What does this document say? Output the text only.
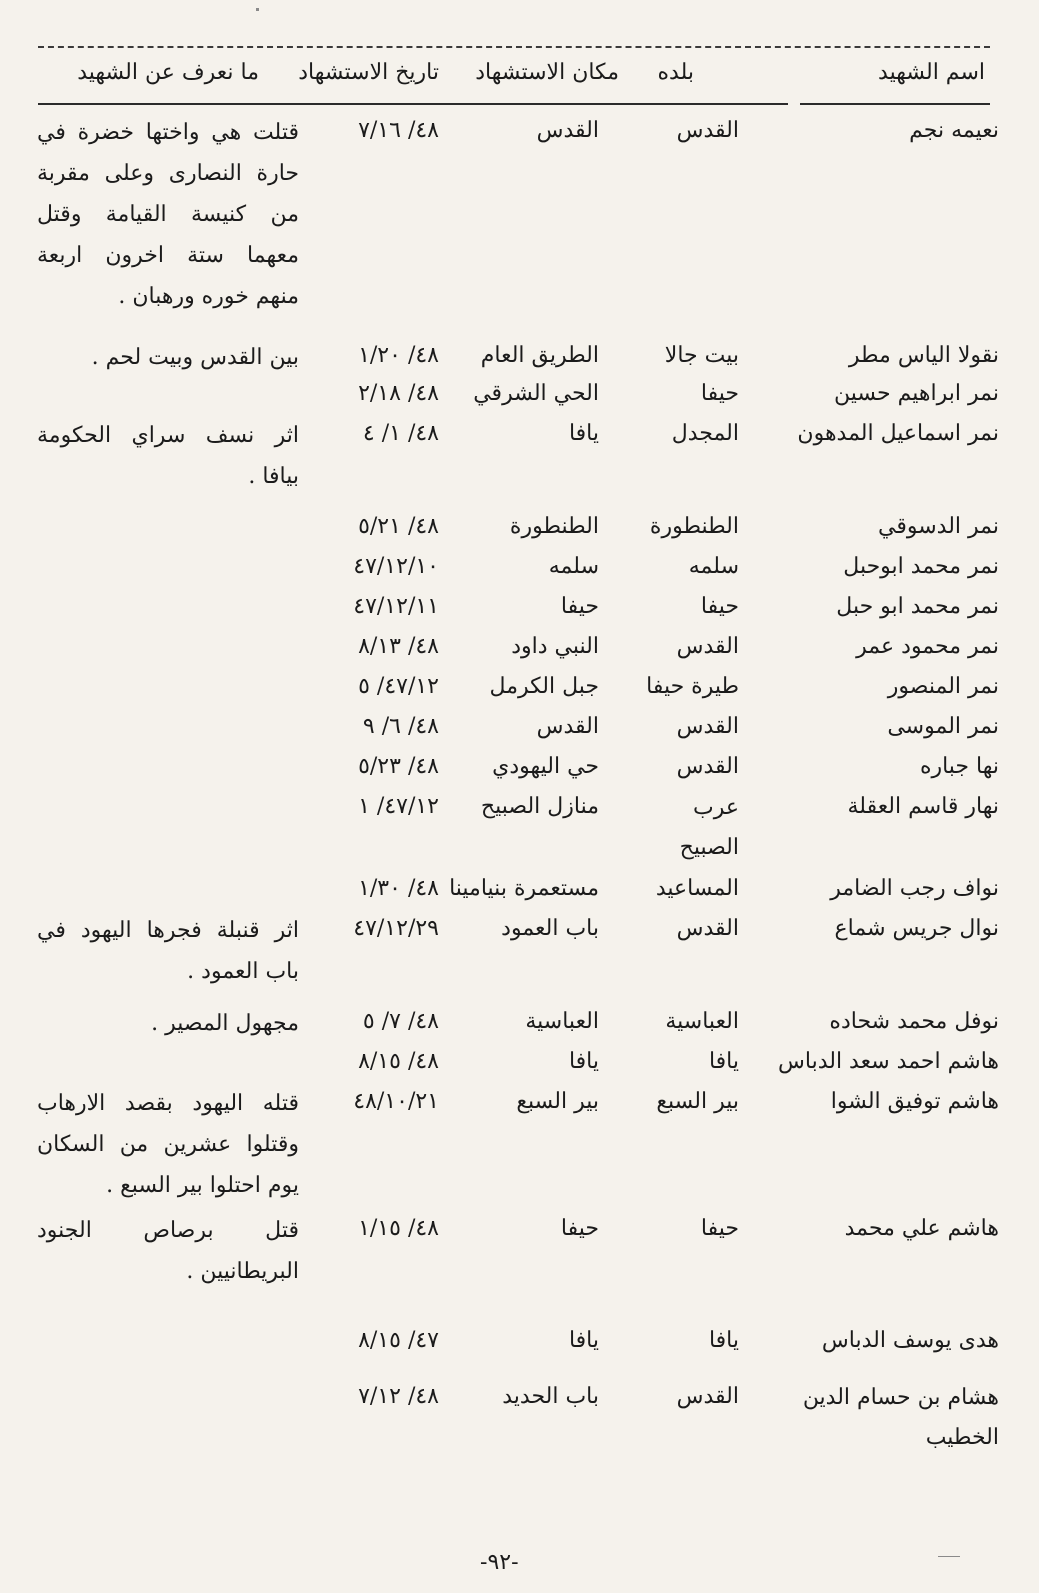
اسم الشهيد
بلده
مكان الاستشهاد
تاريخ الاستشهاد
ما نعرف عن الشهيد
نعيمه نجم
القدس
القدس
٤٨/ ٧/١٦
قتلت هي واختها خضرة في حارة النصارى وعلى مقربة من كنيسة القيامة وقتل معهما ستة اخرون اربعة منهم خوره ورهبان .
نقولا الياس مطر
بيت جالا
الطريق العام
٤٨/ ١/٢٠
بين القدس وبيت لحم .
نمر ابراهيم حسين
حيفا
الحي الشرقي
٤٨/ ٢/١٨
نمر اسماعيل المدهون
المجدل
يافا
٤٨/ ١/ ٤
اثر نسف سراي الحكومة بيافا .
نمر الدسوقي
الطنطورة
الطنطورة
٤٨/ ٥/٢١
نمر محمد ابوحبل
سلمه
سلمه
٤٧/١٢/١٠
نمر محمد ابو حبل
حيفا
حيفا
٤٧/١٢/١١
نمر محمود عمر
القدس
النبي داود
٤٨/ ٨/١٣
نمر المنصور
طيرة حيفا
جبل الكرمل
٤٧/١٢/ ٥
نمر الموسى
القدس
القدس
٤٨/ ٦/ ٩
نها جباره
القدس
حي اليهودي
٤٨/ ٥/٢٣
نهار قاسم العقلة
عرب الصبيح
منازل الصبيح
٤٧/١٢/ ١
نواف رجب الضامر
المساعيد
مستعمرة بنيامينا
٤٨/ ١/٣٠
نوال جريس شماع
القدس
باب العمود
٤٧/١٢/٢٩
اثر قنبلة فجرها اليهود في باب العمود .
نوفل محمد شحاده
العباسية
العباسية
٤٨/ ٧/ ٥
مجهول المصير .
هاشم احمد سعد الدباس
يافا
يافا
٤٨/ ٨/١٥
هاشم توفيق الشوا
بير السبع
بير السبع
٤٨/١٠/٢١
قتله اليهود بقصد الارهاب وقتلوا عشرين من السكان يوم احتلوا بير السبع .
هاشم علي محمد
حيفا
حيفا
٤٨/ ١/١٥
قتل برصاص الجنود البريطانيين .
هدى يوسف الدباس
يافا
يافا
٤٧/ ٨/١٥
هشام بن حسام الدين الخطيب
القدس
باب الحديد
٤٨/ ٧/١٢
-٩٢-
